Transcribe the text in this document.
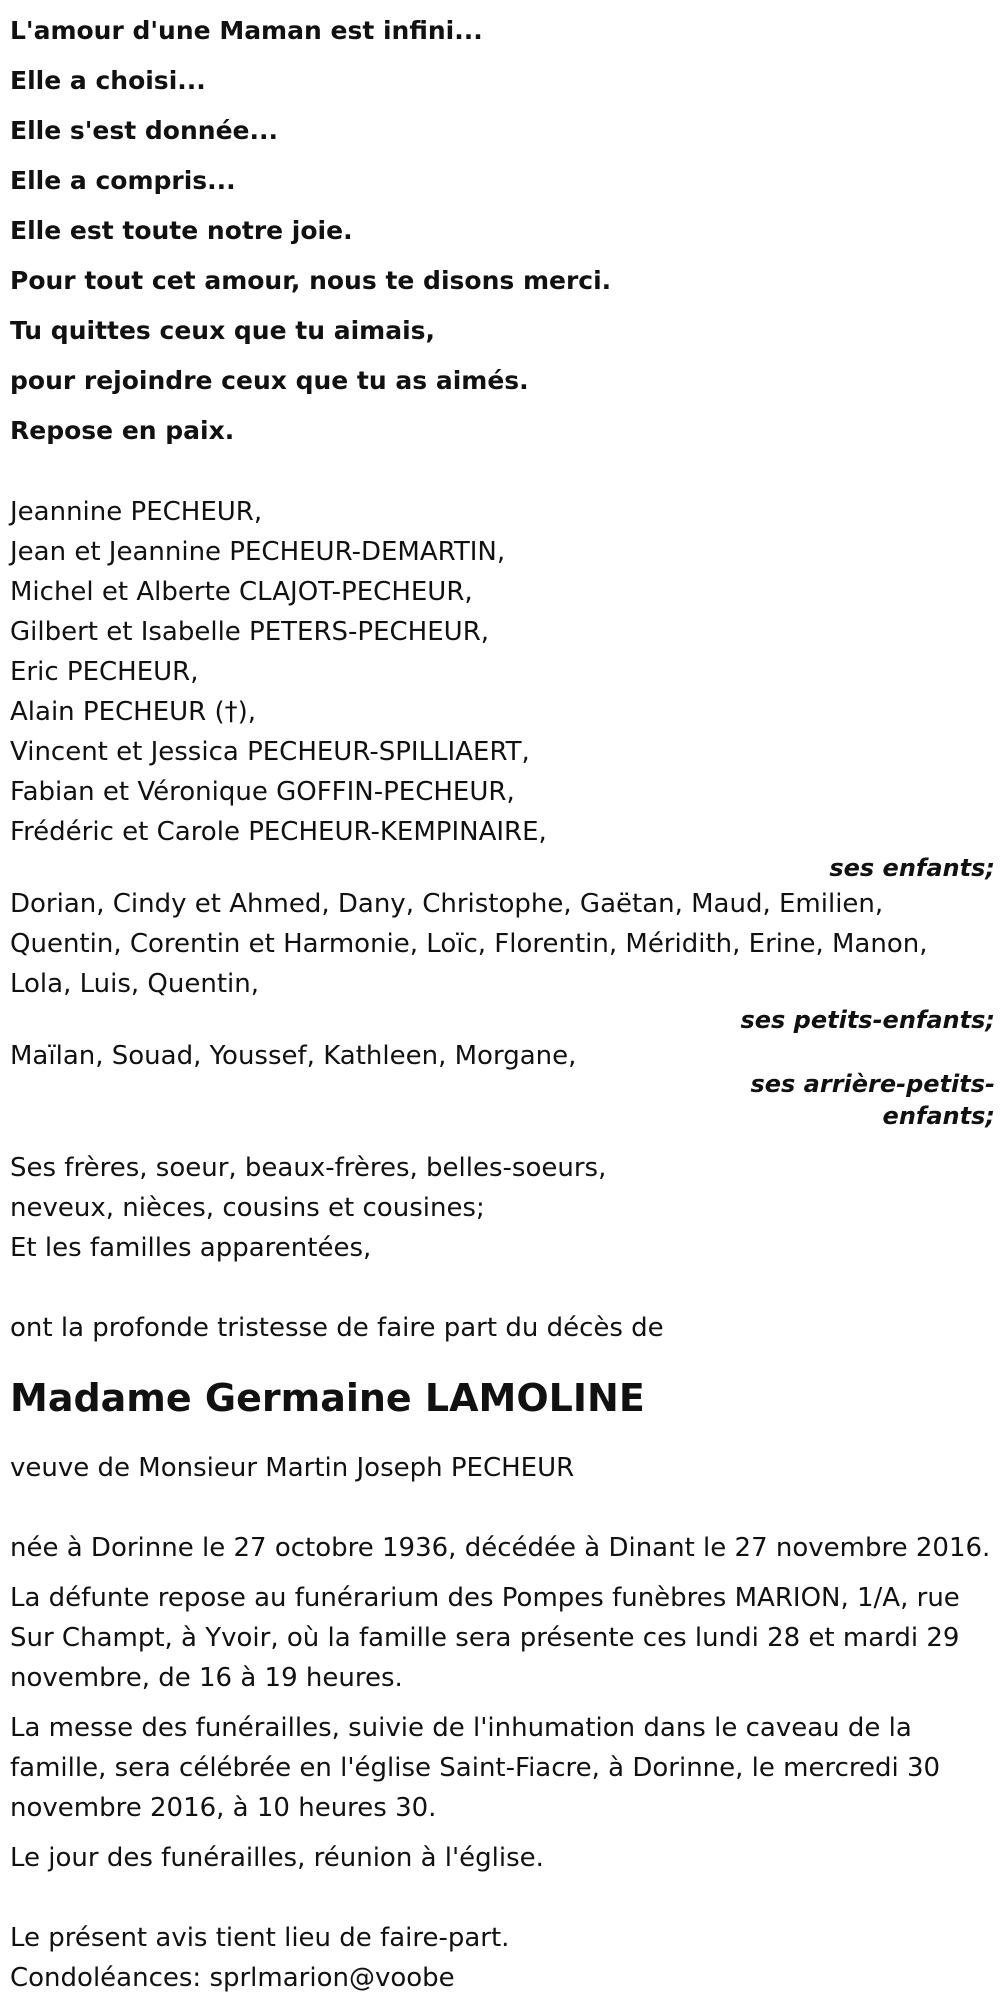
L'amour d'une Maman est infini...
Elle a choisi...
Elle s'est donnée...
Elle a compris...
Elle est toute notre joie.
Pour tout cet amour, nous te disons merci.
Tu quittes ceux que tu aimais,
pour rejoindre ceux que tu as aimés.
Repose en paix.
Jeannine PECHEUR,
Jean et Jeannine PECHEUR-DEMARTIN,
Michel et Alberte CLAJOT-PECHEUR,
Gilbert et Isabelle PETERS-PECHEUR,
Eric PECHEUR,
Alain PECHEUR (†),
Vincent et Jessica PECHEUR-SPILLIAERT,
Fabian et Véronique GOFFIN-PECHEUR,
Frédéric et Carole PECHEUR-KEMPINAIRE,
ses enfants;
Dorian, Cindy et Ahmed, Dany, Christophe, Gaëtan, Maud, Emilien,
Quentin, Corentin et Harmonie, Loïc, Florentin, Méridith, Erine, Manon,
Lola, Luis, Quentin,
ses petits-enfants;
Maïlan, Souad, Youssef, Kathleen, Morgane,
ses arrière-petits-
enfants;
Ses frères, soeur, beaux-frères, belles-soeurs,
neveux, nièces, cousins et cousines;
Et les familles apparentées,
ont la profonde tristesse de faire part du décès de
Madame Germaine LAMOLINE
veuve de Monsieur Martin Joseph PECHEUR
née à Dorinne le 27 octobre 1936, décédée à Dinant le 27 novembre 2016.
La défunte repose au funérarium des Pompes funèbres MARION, 1/A, rue
Sur Champt, à Yvoir, où la famille sera présente ces lundi 28 et mardi 29
novembre, de 16 à 19 heures.
La messe des funérailles, suivie de l'inhumation dans le caveau de la
famille, sera célébrée en l'église Saint-Fiacre, à Dorinne, le mercredi 30
novembre 2016, à 10 heures 30.
Le jour des funérailles, réunion à l'église.
Le présent avis tient lieu de faire-part.
Condoléances: sprlmarion@voobe
